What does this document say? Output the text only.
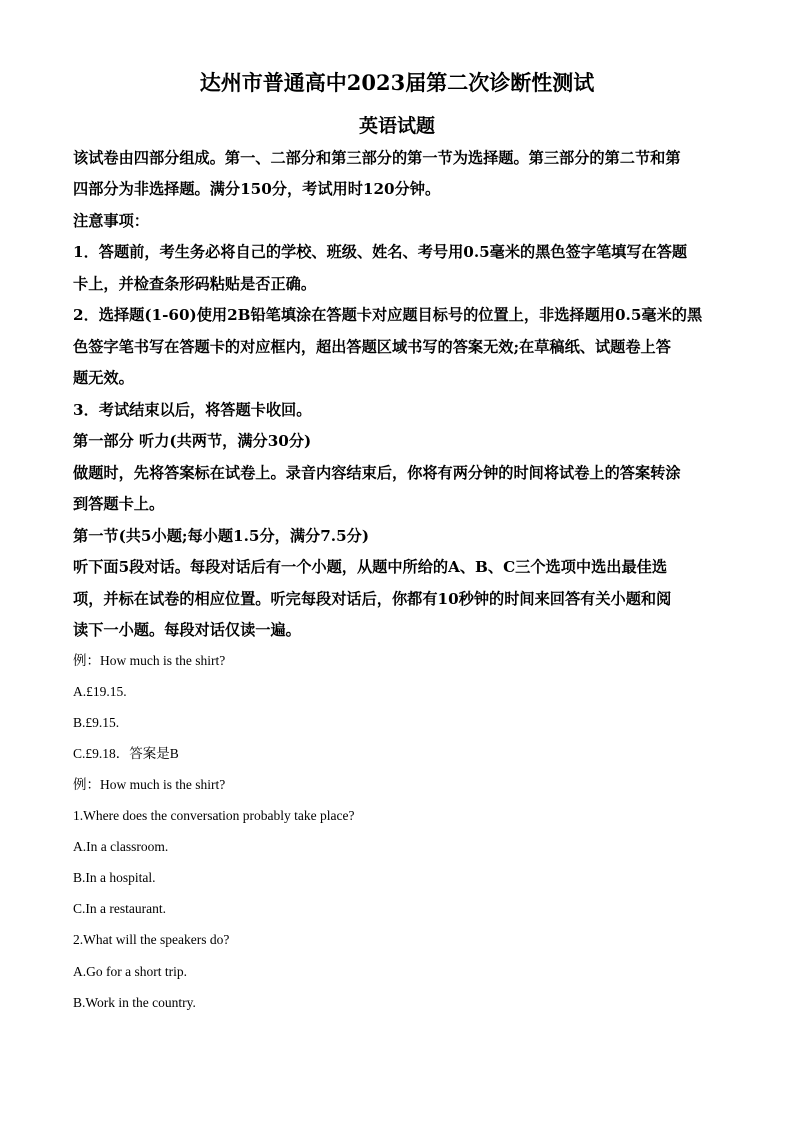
达州市普通高中2023届第二次诊断性测试
英语试题
该试卷由四部分组成。第一、二部分和第三部分的第一节为选择题。第三部分的第二节和第
四部分为非选择题。满分150分，考试用时120分钟。
注意事项：
1．答题前，考生务必将自己的学校、班级、姓名、考号用0.5毫米的黑色签字笔填写在答题
卡上，并检查条形码粘贴是否正确。
2．选择题(1-60)使用2B铅笔填涂在答题卡对应题目标号的位置上，非选择题用0.5毫米的黑
色签字笔书写在答题卡的对应框内，超出答题区域书写的答案无效;在草稿纸、试题卷上答
题无效。
3．考试结束以后，将答题卡收回。
第一部分 听力(共两节，满分30分)
做题时，先将答案标在试卷上。录音内容结束后，你将有两分钟的时间将试卷上的答案转涂
到答题卡上。
第一节(共5小题;每小题1.5分，满分7.5分)
听下面5段对话。每段对话后有一个小题，从题中所给的A、B、C三个选项中选出最佳选
项，并标在试卷的相应位置。听完每段对话后，你都有10秒钟的时间来回答有关小题和阅
读下一小题。每段对话仅读一遍。
例：How much is the shirt?
A.£19.15.
B.£9.15.
C.£9.18．答案是B
例：How much is the shirt?
1.Where does the conversation probably take place?
A.In a classroom.
B.In a hospital.
C.In a restaurant.
2.What will the speakers do?
A.Go for a short trip.
B.Work in the country.
